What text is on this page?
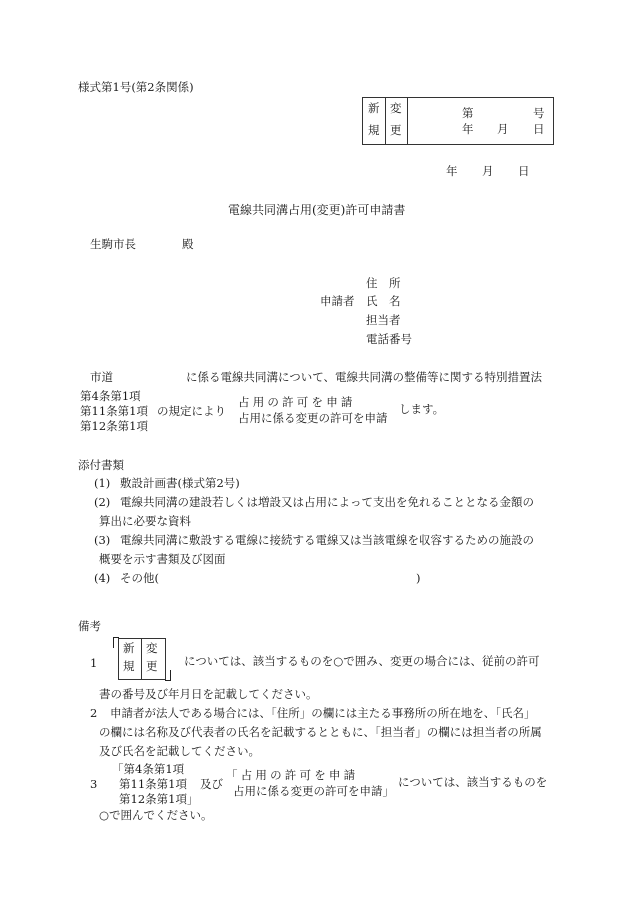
様式第1号(第2条関係)
新 変
規 更
第	号
年 月 日
年 月 日
電線共同溝占用(変更)許可申請書
生駒市長	殿
申請者
住　所
氏　名
担当者
電話番号
市道	に係る電線共同溝について、電線共同溝の整備等に関する特別措置法
第4条第1項
第11条第1項
第12条第1項
の規定により
占用の許可を申請
占用に係る変更の許可を申請
します。
添付書類
(1) 敷設計画書(様式第2号)
(2) 電線共同溝の建設若しくは増設又は占用によって支出を免れることとなる金額の
算出に必要な資料
(3) 電線共同溝に敷設する電線に接続する電線又は当該電線を収容するための施設の
概要を示す書類及び図面
(4) その他(	)
備考
1
新 変
規 更 については、該当するものを○で囲み、変更の場合には、従前の許可
書の番号及び年月日を記載してください。
2 申請者が法人である場合には、「住所」の欄には主たる事務所の所在地を、「氏名」
の欄には名称及び代表者の氏名を記載するとともに、「担当者」の欄には担当者の所属
及び氏名を記載してください。
3
「第4条第1項
第11条第1項
第12条第1項」
及び
「占用の許可を申請
占用に係る変更の許可を申請」
については、該当するものを
○で囲んでください。
